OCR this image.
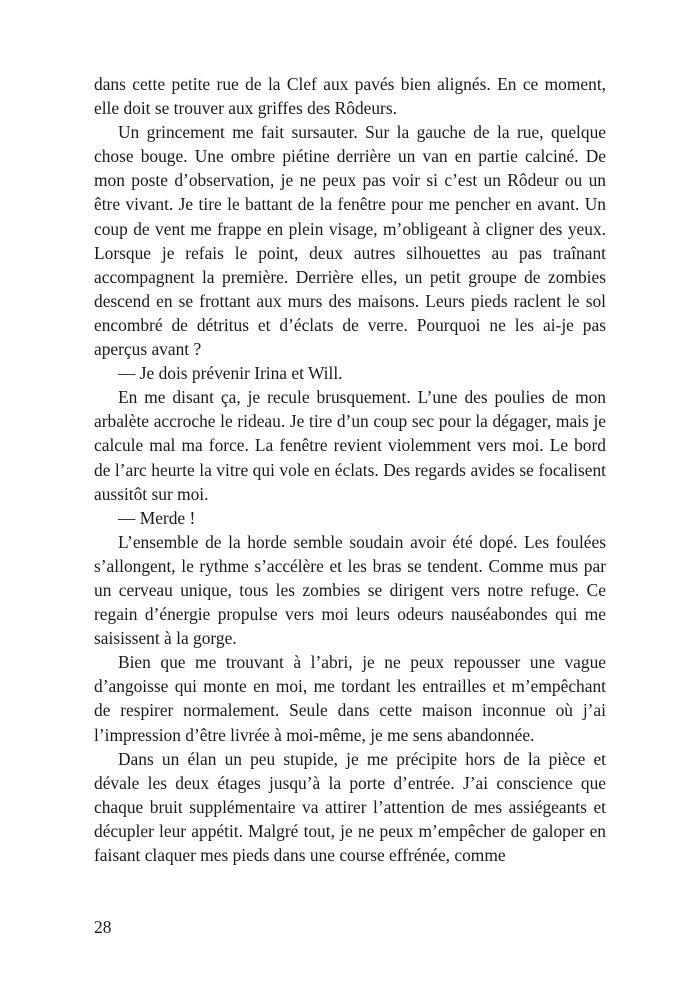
dans cette petite rue de la Clef aux pavés bien alignés. En ce moment, elle doit se trouver aux griffes des Rôdeurs.

Un grincement me fait sursauter. Sur la gauche de la rue, quelque chose bouge. Une ombre piétine derrière un van en partie calciné. De mon poste d’observation, je ne peux pas voir si c’est un Rôdeur ou un être vivant. Je tire le battant de la fenêtre pour me pencher en avant. Un coup de vent me frappe en plein visage, m’obligeant à cligner des yeux. Lorsque je refais le point, deux autres silhouettes au pas traînant accompagnent la première. Derrière elles, un petit groupe de zombies descend en se frottant aux murs des maisons. Leurs pieds raclent le sol encombré de détritus et d’éclats de verre. Pourquoi ne les ai-je pas aperçus avant ?

— Je dois prévenir Irina et Will.

En me disant ça, je recule brusquement. L’une des poulies de mon arbalète accroche le rideau. Je tire d’un coup sec pour la dégager, mais je calcule mal ma force. La fenêtre revient violemment vers moi. Le bord de l’arc heurte la vitre qui vole en éclats. Des regards avides se focalisent aussitôt sur moi.

— Merde !

L’ensemble de la horde semble soudain avoir été dopé. Les foulées s’allongent, le rythme s’accélère et les bras se tendent. Comme mus par un cerveau unique, tous les zombies se dirigent vers notre refuge. Ce regain d’énergie propulse vers moi leurs odeurs nauséabondes qui me saisissent à la gorge.

Bien que me trouvant à l’abri, je ne peux repousser une vague d’angoisse qui monte en moi, me tordant les entrailles et m’empêchant de respirer normalement. Seule dans cette maison inconnue où j’ai l’impression d’être livrée à moi-même, je me sens abandonnée.

Dans un élan un peu stupide, je me précipite hors de la pièce et dévale les deux étages jusqu’à la porte d’entrée. J’ai conscience que chaque bruit supplémentaire va attirer l’attention de mes assiégeants et décupler leur appétit. Malgré tout, je ne peux m’empêcher de galoper en faisant claquer mes pieds dans une course effrénée, comme

28
